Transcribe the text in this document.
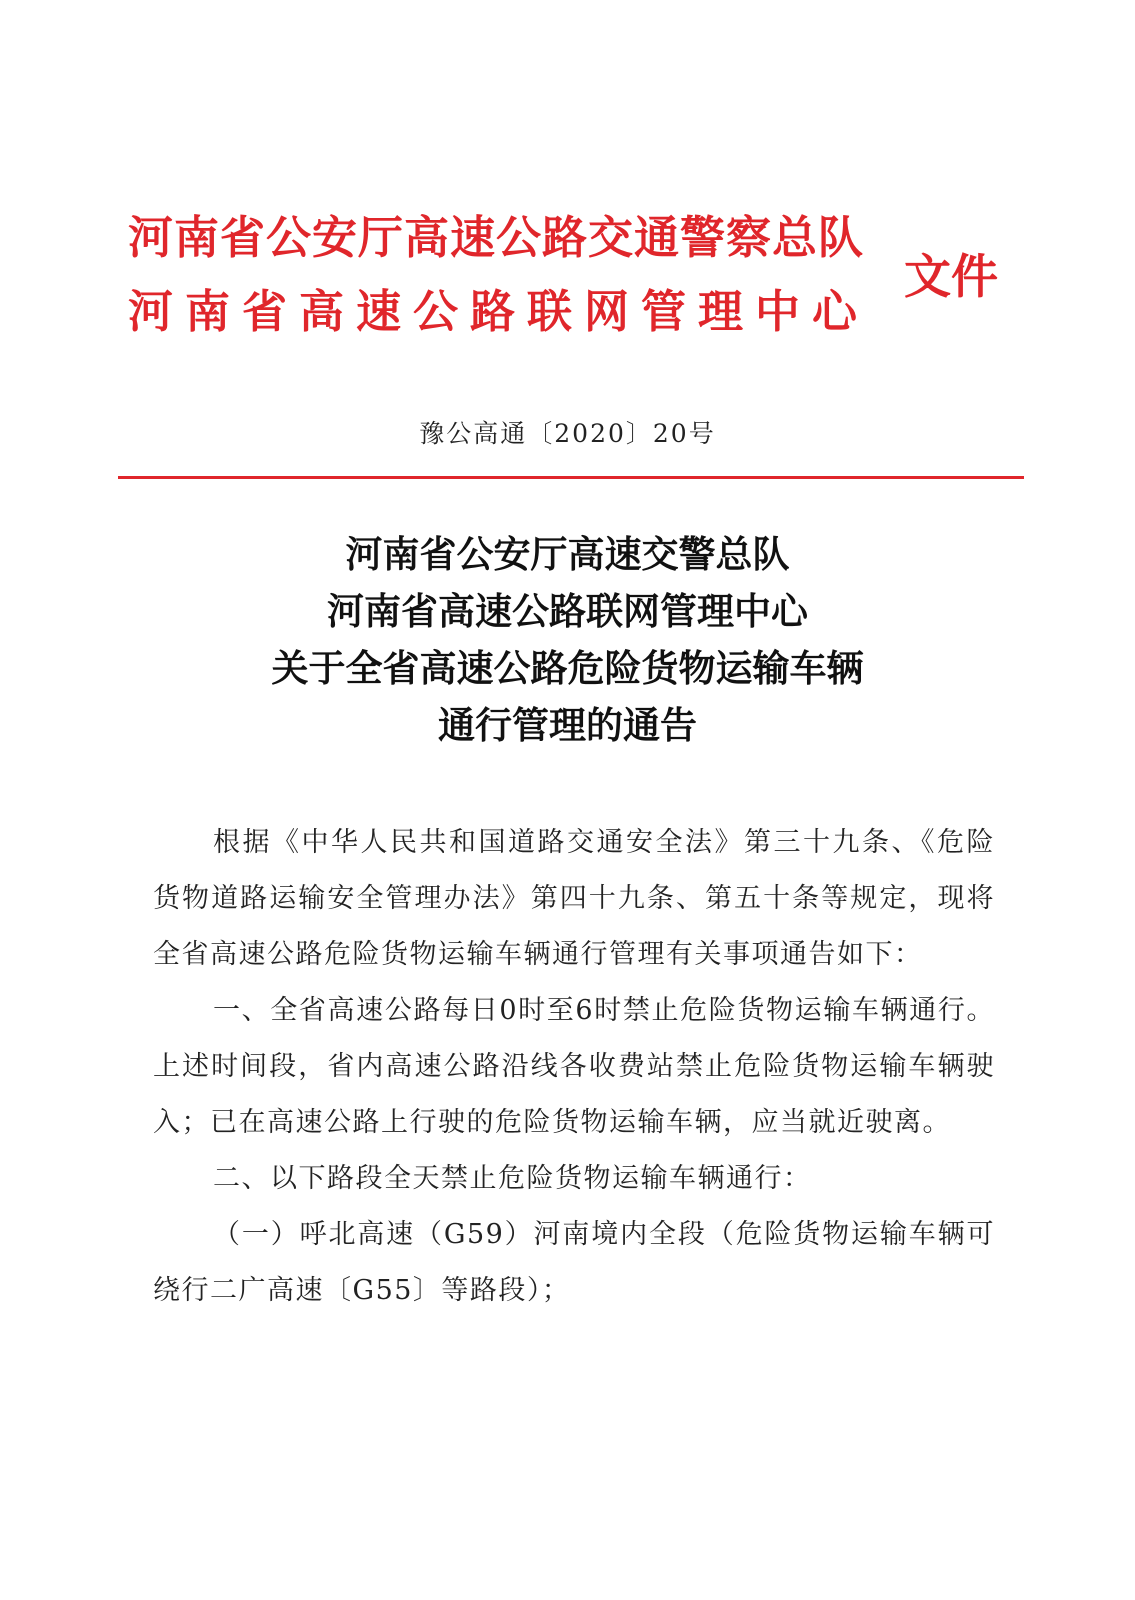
河南省公安厅高速公路交通警察总队
河南省高速公路联网管理中心
文件
豫公高通〔2020〕20号
河南省公安厅高速交警总队
河南省高速公路联网管理中心
关于全省高速公路危险货物运输车辆
通行管理的通告

根据《中华人民共和国道路交通安全法》第三十九条、《危险货物道路运输安全管理办法》第四十九条、第五十条等规定，现将全省高速公路危险货物运输车辆通行管理有关事项通告如下：

一、全省高速公路每日0时至6时禁止危险货物运输车辆通行。上述时间段，省内高速公路沿线各收费站禁止危险货物运输车辆驶入；已在高速公路上行驶的危险货物运输车辆，应当就近驶离。

二、以下路段全天禁止危险货物运输车辆通行：

（一）呼北高速（G59）河南境内全段（危险货物运输车辆可绕行二广高速〔G55〕等路段）；
